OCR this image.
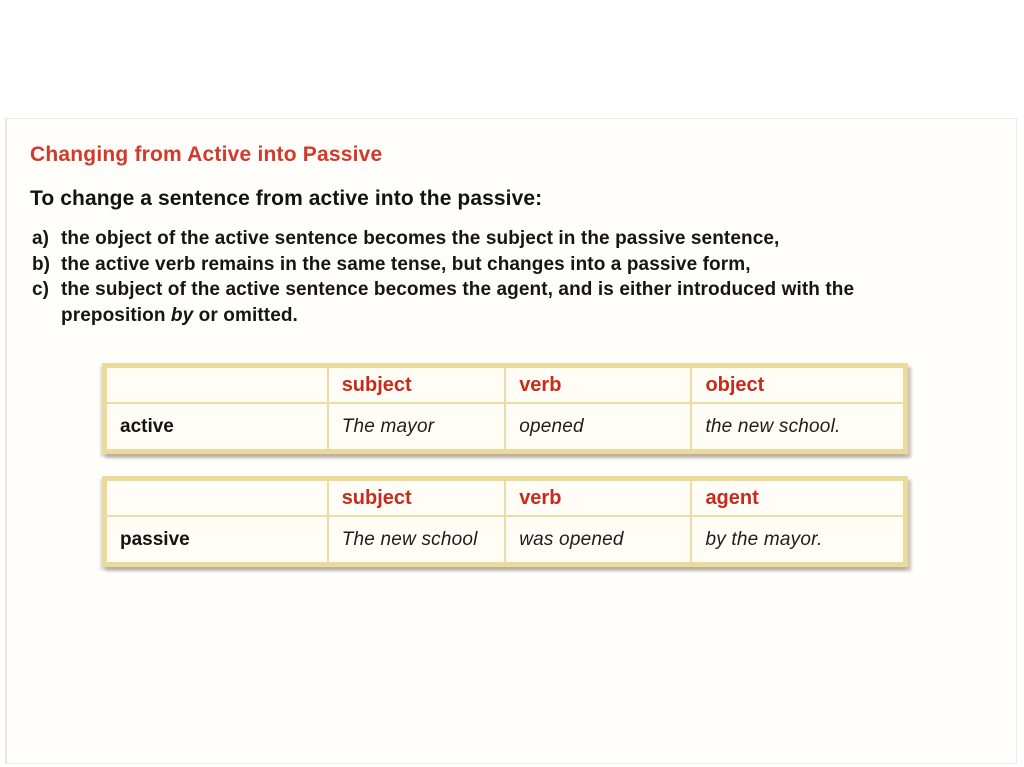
Changing from Active into Passive
To change a sentence from active into the passive:
a) the object of the active sentence becomes the subject in the passive sentence,
b) the active verb remains in the same tense, but changes into a passive form,
c) the subject of the active sentence becomes the agent, and is either introduced with the
preposition by or omitted.
	subject	verb	object
active	The mayor	opened	the new school.
	subject	verb	agent
passive	The new school	was opened	by the mayor.
